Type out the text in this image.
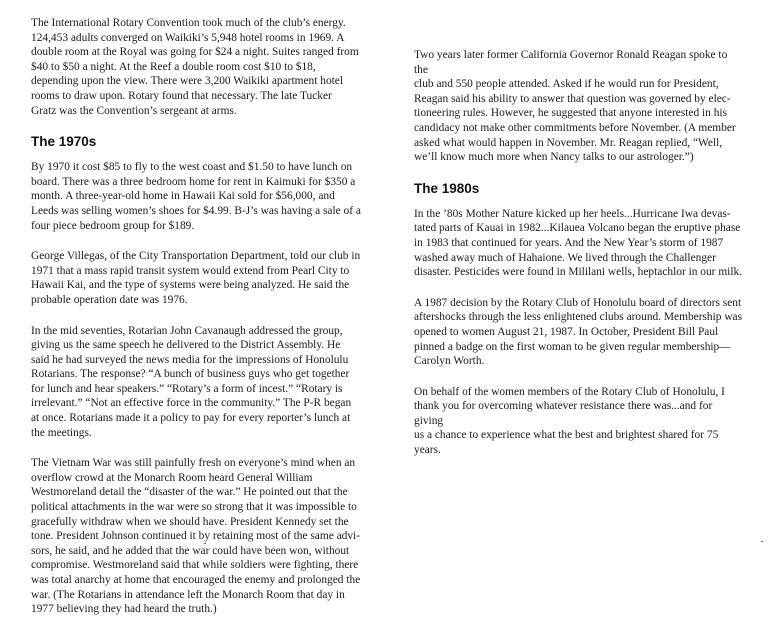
The International Rotary Convention took much of the club’s energy.
124,453 adults converged on Waikiki’s 5,948 hotel rooms in 1969. A
double room at the Royal was going for $24 a night. Suites ranged from
$40 to $50 a night. At the Reef a double room cost $10 to $18,
depending upon the view. There were 3,200 Waikiki apartment hotel
rooms to draw upon. Rotary found that necessary. The late Tucker
Gratz was the Convention’s sergeant at arms.

The 1970s

By 1970 it cost $85 to fly to the west coast and $1.50 to have lunch on
board. There was a three bedroom home for rent in Kaimuki for $350 a
month. A three-year-old home in Hawaii Kai sold for $56,000, and
Leeds was selling women’s shoes for $4.99. B-J’s was having a sale of a
four piece bedroom group for $189.

George Villegas, of the City Transportation Department, told our club in
1971 that a mass rapid transit system would extend from Pearl City to
Hawaii Kai, and the type of systems were being analyzed. He said the
probable operation date was 1976.

In the mid seventies, Rotarian John Cavanaugh addressed the group,
giving us the same speech he delivered to the District Assembly. He
said he had surveyed the news media for the impressions of Honolulu
Rotarians. The response? “A bunch of business guys who get together
for lunch and hear speakers.” “Rotary’s a form of incest.” “Rotary is
irrelevant.” “Not an effective force in the community.” The P-R began
at once. Rotarians made it a policy to pay for every reporter’s lunch at
the meetings.

The Vietnam War was still painfully fresh on everyone’s mind when an
overflow crowd at the Monarch Room heard General William
Westmoreland detail the “disaster of the war.” He pointed out that the
political attachments in the war were so strong that it was impossible to
gracefully withdraw when we should have. President Kennedy set the
tone. President Johnson continued it by retaining most of the same advi-
sors, he said, and he added that the war could have been won, without
compromise. Westmoreland said that while soldiers were fighting, there
was total anarchy at home that encouraged the enemy and prolonged the
war. (The Rotarians in attendance left the Monarch Room that day in
1977 believing they had heard the truth.)

Two years later former California Governor Ronald Reagan spoke to the
club and 550 people attended. Asked if he would run for President,
Reagan said his ability to answer that question was governed by elec-
tioneering rules. However, he suggested that anyone interested in his
candidacy not make other commitments before November. (A member
asked what would happen in November. Mr. Reagan replied, “Well,
we’ll know much more when Nancy talks to our astrologer.”)

The 1980s

In the ’80s Mother Nature kicked up her heels...Hurricane Iwa devas-
tated parts of Kauai in 1982...Kilauea Volcano began the eruptive phase
in 1983 that continued for years. And the New Year’s storm of 1987
washed away much of Hahaione. We lived through the Challenger
disaster. Pesticides were found in Mililani wells, heptachlor in our milk.

A 1987 decision by the Rotary Club of Honolulu board of directors sent
aftershocks through the less enlightened clubs around. Membership was
opened to women August 21, 1987. In October, President Bill Paul
pinned a badge on the first woman to be given regular membership—
Carolyn Worth.

On behalf of the women members of the Rotary Club of Honolulu, I
thank you for overcoming whatever resistance there was...and for giving
us a chance to experience what the best and brightest shared for 75
years.
